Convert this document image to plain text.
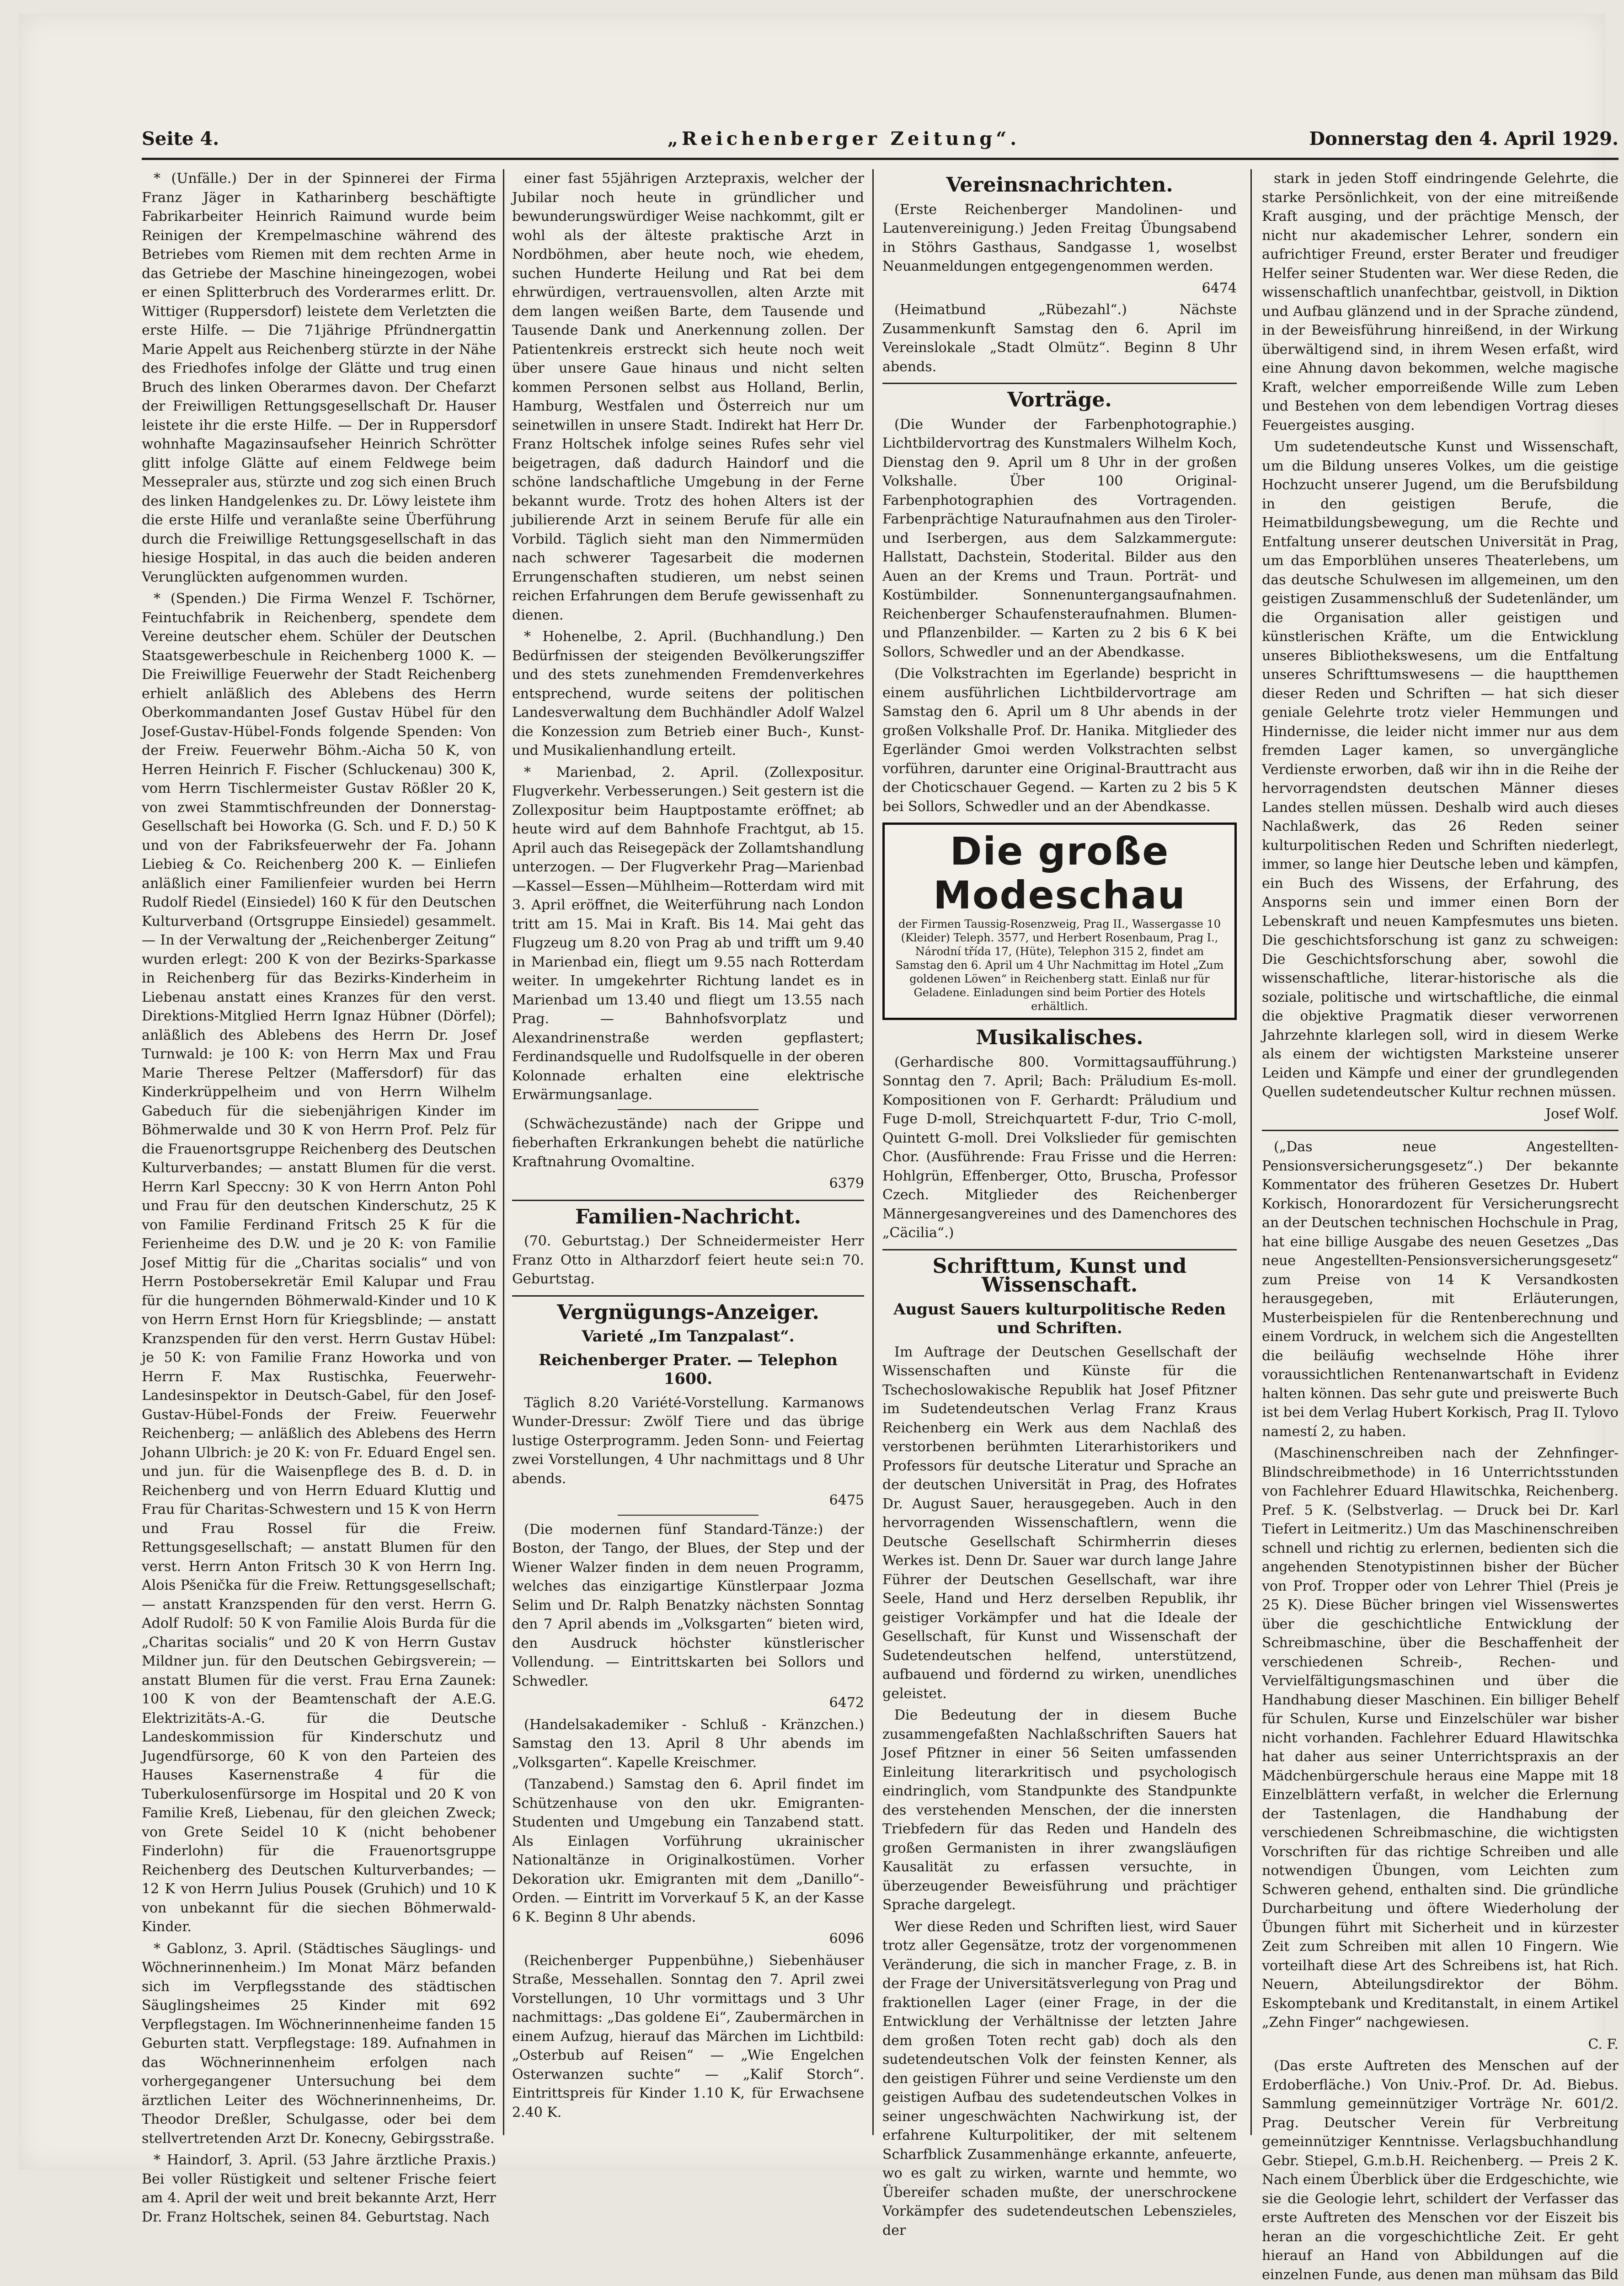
Seite 4.	„Reichenberger Zeitung“.	Donnerstag den 4. April 1929.

* (Unfälle.) Der in der Spinnerei der Firma Franz Jäger in Katharinberg beschäftigte Fabrikarbeiter Heinrich Raimund wurde beim Reinigen der Krempelmaschine während des Betriebes vom Riemen mit dem rechten Arme in das Getriebe der Maschine hineingezogen, wobei er einen Splitterbruch des Vorderarmes erlitt. Dr. Wittiger (Ruppersdorf) leistete dem Verletzten die erste Hilfe. — Die 71jährige Pfründnergattin Marie Appelt aus Reichenberg stürzte in der Nähe des Friedhofes infolge der Glätte und trug einen Bruch des linken Oberarmes davon. Der Chefarzt der Freiwilligen Rettungsgesellschaft Dr. Hauser leistete ihr die erste Hilfe. — Der in Ruppersdorf wohnhafte Magazinsaufseher Heinrich Schrötter glitt infolge Glätte auf einem Feldwege beim Messepraler aus, stürzte und zog sich einen Bruch des linken Handgelenkes zu. Dr. Löwy leistete ihm die erste Hilfe und veranlaßte seine Überführung durch die Freiwillige Rettungsgesellschaft in das hiesige Hospital, in das auch die beiden anderen Verunglückten aufgenommen wurden.

* (Spenden.) Die Firma Wenzel F. Tschörner, Feintuchfabrik in Reichenberg, spendete dem Vereine deutscher ehem. Schüler der Deutschen Staatsgewerbeschule in Reichenberg 1000 K. — Die Freiwillige Feuerwehr der Stadt Reichenberg erhielt anläßlich des Ablebens des Herrn Oberkommandanten Josef Gustav Hübel für den Josef-Gustav-Hübel-Fonds folgende Spenden: Von der Freiw. Feuerwehr Böhm.-Aicha 50 K, von Herren Heinrich F. Fischer (Schluckenau) 300 K, vom Herrn Tischlermeister Gustav Rößler 20 K, von zwei Stammtischfreunden der Donnerstag-Gesellschaft bei Howorka (G. Sch. und F. D.) 50 K und von der Fabriksfeuerwehr der Fa. Johann Liebieg & Co. Reichenberg 200 K. — Einliefen anläßlich einer Familienfeier wurden bei Herrn Rudolf Riedel (Einsiedel) 160 K für den Deutschen Kulturverband (Ortsgruppe Einsiedel) gesammelt. — In der Verwaltung der „Reichenberger Zeitung“ wurden erlegt: 200 K von der Bezirks-Sparkasse in Reichenberg für das Bezirks-Kinderheim in Liebenau anstatt eines Kranzes für den verst. Direktions-Mitglied Herrn Ignaz Hübner (Dörfel); anläßlich des Ablebens des Herrn Dr. Josef Turnwald: je 100 K: von Herrn Max und Frau Marie Therese Peltzer (Maffersdorf) für das Kinderkrüppelheim und von Herrn Wilhelm Gabeduch für die siebenjährigen Kinder im Böhmerwalde und 30 K von Herrn Prof. Pelz für die Frauenortsgruppe Reichenberg des Deutschen Kulturverbandes; — anstatt Blumen für die verst. Herrn Karl Speccny: 30 K von Herrn Anton Pohl und Frau für den deutschen Kinderschutz, 25 K von Familie Ferdinand Fritsch 25 K für die Ferienheime des D.W. und je 20 K: von Familie Josef Mittig für die „Charitas socialis“ und von Herrn Postobersekretär Emil Kalupar und Frau für die hungernden Böhmerwald-Kinder und 10 K von Herrn Ernst Horn für Kriegsblinde; — anstatt Kranzspenden für den verst. Herrn Gustav Hübel: je 50 K: von Familie Franz Howorka und von Herrn F. Max Rustischka, Feuerwehr-Landesinspektor in Deutsch-Gabel, für den Josef-Gustav-Hübel-Fonds der Freiw. Feuerwehr Reichenberg; — anläßlich des Ablebens des Herrn Johann Ulbrich: je 20 K: von Fr. Eduard Engel sen. und jun. für die Waisenpflege des B. d. D. in Reichenberg und von Herrn Eduard Kluttig und Frau für Charitas-Schwestern und 15 K von Herrn und Frau Rossel für die Freiw. Rettungsgesellschaft; — anstatt Blumen für den verst. Herrn Anton Fritsch 30 K von Herrn Ing. Alois Pšenička für die Freiw. Rettungsgesellschaft; — anstatt Kranzspenden für den verst. Herrn G. Adolf Rudolf: 50 K von Familie Alois Burda für die „Charitas socialis“ und 20 K von Herrn Gustav Mildner jun. für den Deutschen Gebirgsverein; — anstatt Blumen für die verst. Frau Erna Zaunek: 100 K von der Beamtenschaft der A.E.G. Elektrizitäts-A.-G. für die Deutsche Landeskommission für Kinderschutz und Jugendfürsorge, 60 K von den Parteien des Hauses Kasernenstraße 4 für die Tuberkulosenfürsorge im Hospital und 20 K von Familie Kreß, Liebenau, für den gleichen Zweck; von Grete Seidel 10 K (nicht behobener Finderlohn) für die Frauenortsgruppe Reichenberg des Deutschen Kulturverbandes; — 12 K von Herrn Julius Pousek (Gruhich) und 10 K von unbekannt für die siechen Böhmerwald-Kinder.

* Gablonz, 3. April. (Städtisches Säuglings- und Wöchnerinnenheim.) Im Monat März befanden sich im Verpflegsstande des städtischen Säuglingsheimes 25 Kinder mit 692 Verpflegstagen. Im Wöchnerinnenheime fanden 15 Geburten statt. Verpflegstage: 189. Aufnahmen in das Wöchnerinnenheim erfolgen nach vorhergegangener Untersuchung bei dem ärztlichen Leiter des Wöchnerinnenheims, Dr. Theodor Dreßler, Schulgasse, oder bei dem stellvertretenden Arzt Dr. Konecny, Gebirgsstraße.

* Haindorf, 3. April. (53 Jahre ärztliche Praxis.) Bei voller Rüstigkeit und seltener Frische feiert am 4. April der weit und breit bekannte Arzt, Herr Dr. Franz Holtschek, seinen 84. Geburtstag. Nach

einer fast 55jährigen Arztepraxis, welcher der Jubilar noch heute in gründlicher und bewunderungswürdiger Weise nachkommt, gilt er wohl als der älteste praktische Arzt in Nordböhmen, aber heute noch, wie ehedem, suchen Hunderte Heilung und Rat bei dem ehrwürdigen, vertrauensvollen, alten Arzte mit dem langen weißen Barte, dem Tausende und Tausende Dank und Anerkennung zollen. Der Patientenkreis erstreckt sich heute noch weit über unsere Gaue hinaus und nicht selten kommen Personen selbst aus Holland, Berlin, Hamburg, Westfalen und Österreich nur um seinetwillen in unsere Stadt. Indirekt hat Herr Dr. Franz Holtschek infolge seines Rufes sehr viel beigetragen, daß dadurch Haindorf und die schöne landschaftliche Umgebung in der Ferne bekannt wurde. Trotz des hohen Alters ist der jubilierende Arzt in seinem Berufe für alle ein Vorbild. Täglich sieht man den Nimmermüden nach schwerer Tagesarbeit die modernen Errungenschaften studieren, um nebst seinen reichen Erfahrungen dem Berufe gewissenhaft zu dienen.

* Hohenelbe, 2. April. (Buchhandlung.) Den Bedürfnissen der steigenden Bevölkerungsziffer und des stets zunehmenden Fremdenverkehres entsprechend, wurde seitens der politischen Landesverwaltung dem Buchhändler Adolf Walzel die Konzession zum Betrieb einer Buch-, Kunst- und Musikalienhandlung erteilt.

* Marienbad, 2. April. (Zollexpositur. Flugverkehr. Verbesserungen.) Seit gestern ist die Zollexpositur beim Hauptpostamte eröffnet; ab heute wird auf dem Bahnhofe Frachtgut, ab 15. April auch das Reisegepäck der Zollamtshandlung unterzogen. — Der Flugverkehr Prag—Marienbad—Kassel—Essen—Mühlheim—Rotterdam wird mit 3. April eröffnet, die Weiterführung nach London tritt am 15. Mai in Kraft. Bis 14. Mai geht das Flugzeug um 8.20 von Prag ab und trifft um 9.40 in Marienbad ein, fliegt um 9.55 nach Rotterdam weiter. In umgekehrter Richtung landet es in Marienbad um 13.40 und fliegt um 13.55 nach Prag. — Bahnhofsvorplatz und Alexandrinenstraße werden gepflastert; Ferdinandsquelle und Rudolfsquelle in der oberen Kolonnade erhalten eine elektrische Erwärmungsanlage.

(Schwächezustände) nach der Grippe und fieberhaften Erkrankungen behebt die natürliche Kraftnahrung Ovomaltine.

6379

Familien-Nachricht.

(70. Geburtstag.) Der Schneidermeister Herr Franz Otto in Altharzdorf feiert heute sei:n 70. Geburtstag.

Vergnügungs-Anzeiger.
Varieté „Im Tanzpalast“.
Reichenberger Prater. — Telephon 1600.

Täglich 8.20 Variété-Vorstellung. Karmanows Wunder-Dressur: Zwölf Tiere und das übrige lustige Osterprogramm. Jeden Sonn- und Feiertag zwei Vorstellungen, 4 Uhr nachmittags und 8 Uhr abends.

6475

(Die modernen fünf Standard-Tänze:) der Boston, der Tango, der Blues, der Step und der Wiener Walzer finden in dem neuen Programm, welches das einzigartige Künstlerpaar Jozma Selim und Dr. Ralph Benatzky nächsten Sonntag den 7 April abends im „Volksgarten“ bieten wird, den Ausdruck höchster künstlerischer Vollendung. — Eintrittskarten bei Sollors und Schwedler.

6472

(Handelsakademiker - Schluß - Kränzchen.) Samstag den 13. April 8 Uhr abends im „Volksgarten“. Kapelle Kreischmer.

(Tanzabend.) Samstag den 6. April findet im Schützenhause von den ukr. Emigranten-Studenten und Umgebung ein Tanzabend statt. Als Einlagen Vorführung ukrainischer Nationaltänze in Originalkostümen. Vorher Dekoration ukr. Emigranten mit dem „Danillo“-Orden. — Eintritt im Vorverkauf 5 K, an der Kasse 6 K. Beginn 8 Uhr abends.

6096

(Reichenberger Puppenbühne,) Siebenhäuser Straße, Messehallen. Sonntag den 7. April zwei Vorstellungen, 10 Uhr vormittags und 3 Uhr nachmittags: „Das goldene Ei“, Zaubermärchen in einem Aufzug, hierauf das Märchen im Lichtbild: „Osterbub auf Reisen“ — „Wie Engelchen Osterwanzen suchte“ — „Kalif Storch“. Eintrittspreis für Kinder 1.10 K, für Erwachsene 2.40 K.

Vereinsnachrichten.

(Erste Reichenberger Mandolinen- und Lautenvereinigung.) Jeden Freitag Übungsabend in Stöhrs Gasthaus, Sandgasse 1, woselbst Neuanmeldungen entgegengenommen werden.

6474

(Heimatbund „Rübezahl“.) Nächste Zusammenkunft Samstag den 6. April im Vereinslokale „Stadt Olmütz“. Beginn 8 Uhr abends.

Vorträge.

(Die Wunder der Farbenphotographie.) Lichtbildervortrag des Kunstmalers Wilhelm Koch, Dienstag den 9. April um 8 Uhr in der großen Volkshalle. Über 100 Original-Farbenphotographien des Vortragenden. Farbenprächtige Naturaufnahmen aus den Tiroler- und Iserbergen, aus dem Salzkammergute: Hallstatt, Dachstein, Stoderital. Bilder aus den Auen an der Krems und Traun. Porträt- und Kostümbilder. Sonnenuntergangsaufnahmen. Reichenberger Schaufensteraufnahmen. Blumen- und Pflanzenbilder. — Karten zu 2 bis 6 K bei Sollors, Schwedler und an der Abendkasse.

(Die Volkstrachten im Egerlande) bespricht in einem ausführlichen Lichtbildervortrage am Samstag den 6. April um 8 Uhr abends in der großen Volkshalle Prof. Dr. Hanika. Mitglieder des Egerländer Gmoi werden Volkstrachten selbst vorführen, darunter eine Original-Brauttracht aus der Choticschauer Gegend. — Karten zu 2 bis 5 K bei Sollors, Schwedler und an der Abendkasse.

Die große Modeschau
der Firmen Taussig-Rosenzweig, Prag II., Wassergasse 10 (Kleider) Teleph. 3577, und Herbert Rosenbaum, Prag I., Národní třída 17, (Hüte), Telephon 315 2, findet am Samstag den 6. April um 4 Uhr Nachmittag im Hotel „Zum goldenen Löwen“ in Reichenberg statt. Einlaß nur für Geladene. Einladungen sind beim Portier des Hotels erhältlich.
Musikalisches.

(Gerhardische 800. Vormittagsaufführung.) Sonntag den 7. April; Bach: Präludium Es-moll. Kompositionen von F. Gerhardt: Präludium und Fuge D-moll, Streichquartett F-dur, Trio C-moll, Quintett G-moll. Drei Volkslieder für gemischten Chor. (Ausführende: Frau Frisse und die Herren: Hohlgrün, Effenberger, Otto, Bruscha, Professor Czech. Mitglieder des Reichenberger Männergesangvereines und des Damenchores des „Cäcilia“.)

Schrifttum, Kunst und Wissenschaft.
August Sauers kulturpolitische Reden und Schriften.

Im Auftrage der Deutschen Gesellschaft der Wissenschaften und Künste für die Tschechoslowakische Republik hat Josef Pfitzner im Sudetendeutschen Verlag Franz Kraus Reichenberg ein Werk aus dem Nachlaß des verstorbenen berühmten Literarhistorikers und Professors für deutsche Literatur und Sprache an der deutschen Universität in Prag, des Hofrates Dr. August Sauer, herausgegeben. Auch in den hervorragenden Wissenschaftlern, wenn die Deutsche Gesellschaft Schirmherrin dieses Werkes ist. Denn Dr. Sauer war durch lange Jahre Führer der Deutschen Gesellschaft, war ihre Seele, Hand und Herz derselben Republik, ihr geistiger Vorkämpfer und hat die Ideale der Gesellschaft, für Kunst und Wissenschaft der Sudetendeutschen helfend, unterstützend, aufbauend und fördernd zu wirken, unendliches geleistet.

Die Bedeutung der in diesem Buche zusammengefaßten Nachlaßschriften Sauers hat Josef Pfitzner in einer 56 Seiten umfassenden Einleitung literarkritisch und psychologisch eindringlich, vom Standpunkte des Standpunkte des verstehenden Menschen, der die innersten Triebfedern für das Reden und Handeln des großen Germanisten in ihrer zwangsläufigen Kausalität zu erfassen versuchte, in überzeugender Beweisführung und prächtiger Sprache dargelegt.

Wer diese Reden und Schriften liest, wird Sauer trotz aller Gegensätze, trotz der vorgenommenen Veränderung, die sich in mancher Frage, z. B. in der Frage der Universitätsverlegung von Prag und fraktionellen Lager (einer Frage, in der die Entwicklung der Verhältnisse der letzten Jahre dem großen Toten recht gab) doch als den sudetendeutschen Volk der feinsten Kenner, als den geistigen Führer und seine Verdienste um den geistigen Aufbau des sudetendeutschen Volkes in seiner ungeschwächten Nachwirkung ist, der erfahrene Kulturpolitiker, der mit seltenem Scharfblick Zusammenhänge erkannte, anfeuerte, wo es galt zu wirken, warnte und hemmte, wo Übereifer schaden mußte, der unerschrockene Vorkämpfer des sudetendeutschen Lebenszieles, der

stark in jeden Stoff eindringende Gelehrte, die starke Persönlichkeit, von der eine mitreißende Kraft ausging, und der prächtige Mensch, der nicht nur akademischer Lehrer, sondern ein aufrichtiger Freund, erster Berater und freudiger Helfer seiner Studenten war. Wer diese Reden, die wissenschaftlich unanfechtbar, geistvoll, in Diktion und Aufbau glänzend und in der Sprache zündend, in der Beweisführung hinreißend, in der Wirkung überwältigend sind, in ihrem Wesen erfaßt, wird eine Ahnung davon bekommen, welche magische Kraft, welcher emporreißende Wille zum Leben und Bestehen von dem lebendigen Vortrag dieses Feuergeistes ausging.

Um sudetendeutsche Kunst und Wissenschaft, um die Bildung unseres Volkes, um die geistige Hochzucht unserer Jugend, um die Berufsbildung in den geistigen Berufe, die Heimatbildungsbewegung, um die Rechte und Entfaltung unserer deutschen Universität in Prag, um das Emporblühen unseres Theaterlebens, um das deutsche Schulwesen im allgemeinen, um den geistigen Zusammenschluß der Sudetenländer, um die Organisation aller geistigen und künstlerischen Kräfte, um die Entwicklung unseres Bibliothekswesens, um die Entfaltung unseres Schrifttumswesens — die hauptthemen dieser Reden und Schriften — hat sich dieser geniale Gelehrte trotz vieler Hemmungen und Hindernisse, die leider nicht immer nur aus dem fremden Lager kamen, so unvergängliche Verdienste erworben, daß wir ihn in die Reihe der hervorragendsten deutschen Männer dieses Landes stellen müssen. Deshalb wird auch dieses Nachlaßwerk, das 26 Reden seiner kulturpolitischen Reden und Schriften niederlegt, immer, so lange hier Deutsche leben und kämpfen, ein Buch des Wissens, der Erfahrung, des Ansporns sein und immer einen Born der Lebenskraft und neuen Kampfesmutes uns bieten. Die geschichtsforschung ist ganz zu schweigen: Die Geschichtsforschung aber, sowohl die wissenschaftliche, literar-historische als die soziale, politische und wirtschaftliche, die einmal die objektive Pragmatik dieser verworrenen Jahrzehnte klarlegen soll, wird in diesem Werke als einem der wichtigsten Marksteine unserer Leiden und Kämpfe und einer der grundlegenden Quellen sudetendeutscher Kultur rechnen müssen.

Josef Wolf.

(„Das neue Angestellten-Pensionsversicherungsgesetz“.) Der bekannte Kommentator des früheren Gesetzes Dr. Hubert Korkisch, Honorardozent für Versicherungsrecht an der Deutschen technischen Hochschule in Prag, hat eine billige Ausgabe des neuen Gesetzes „Das neue Angestellten-Pensionsversicherungsgesetz“ zum Preise von 14 K Versandkosten herausgegeben, mit Erläuterungen, Musterbeispielen für die Rentenberechnung und einem Vordruck, in welchem sich die Angestellten die beiläufig wechselnde Höhe ihrer voraussichtlichen Rentenanwartschaft in Evidenz halten können. Das sehr gute und preiswerte Buch ist bei dem Verlag Hubert Korkisch, Prag II. Tylovo namestí 2, zu haben.

(Maschinenschreiben nach der Zehnfinger-Blindschreibmethode) in 16 Unterrichtsstunden von Fachlehrer Eduard Hlawitschka, Reichenberg. Pref. 5 K. (Selbstverlag. — Druck bei Dr. Karl Tiefert in Leitmeritz.) Um das Maschinenschreiben schnell und richtig zu erlernen, bedienten sich die angehenden Stenotypistinnen bisher der Bücher von Prof. Tropper oder von Lehrer Thiel (Preis je 25 K). Diese Bücher bringen viel Wissenswertes über die geschichtliche Entwicklung der Schreibmaschine, über die Beschaffenheit der verschiedenen Schreib-, Rechen- und Vervielfältigungsmaschinen und über die Handhabung dieser Maschinen. Ein billiger Behelf für Schulen, Kurse und Einzelschüler war bisher nicht vorhanden. Fachlehrer Eduard Hlawitschka hat daher aus seiner Unterrichtspraxis an der Mädchenbürgerschule heraus eine Mappe mit 18 Einzelblättern verfaßt, in welcher die Erlernung der Tastenlagen, die Handhabung der verschiedenen Schreibmaschine, die wichtigsten Vorschriften für das richtige Schreiben und alle notwendigen Übungen, vom Leichten zum Schweren gehend, enthalten sind. Die gründliche Durcharbeitung und öftere Wiederholung der Übungen führt mit Sicherheit und in kürzester Zeit zum Schreiben mit allen 10 Fingern. Wie vorteilhaft diese Art des Schreibens ist, hat Rich. Neuern, Abteilungsdirektor der Böhm. Eskomptebank und Kreditanstalt, in einem Artikel „Zehn Finger“ nachgewiesen.

C. F.

(Das erste Auftreten des Menschen auf der Erdoberfläche.) Von Univ.-Prof. Dr. Ad. Biebus. Sammlung gemeinnütziger Vorträge Nr. 601/2. Prag. Deutscher Verein für Verbreitung gemeinnütziger Kenntnisse. Verlagsbuchhandlung Gebr. Stiepel, G.m.b.H. Reichenberg. — Preis 2 K. Nach einem Überblick über die Erdgeschichte, wie sie die Geologie lehrt, schildert der Verfasser das erste Auftreten des Menschen vor der Eiszeit bis heran an die vorgeschichtliche Zeit. Er geht hierauf an Hand von Abbildungen auf die einzelnen Funde, aus denen man mühsam das Bild
